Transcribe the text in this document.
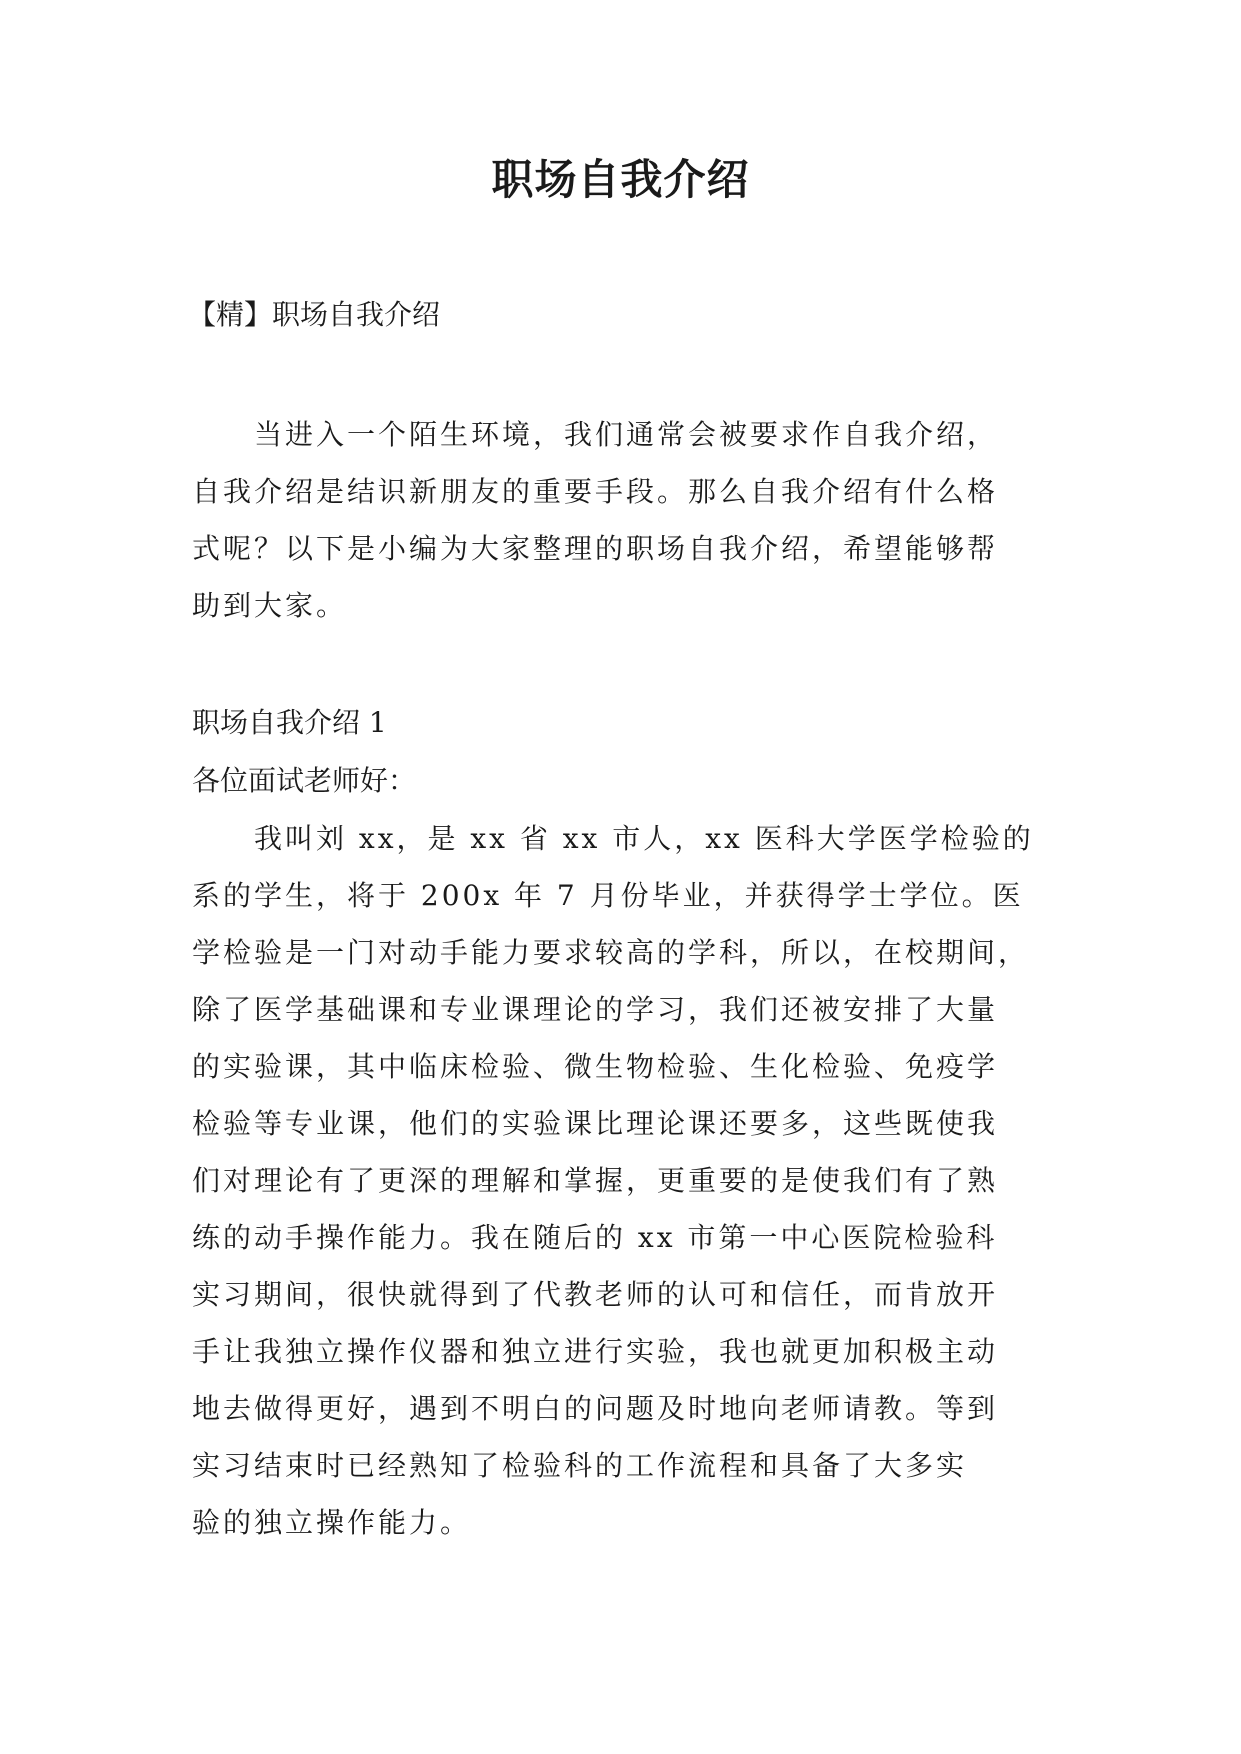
职场自我介绍
【精】职场自我介绍
　　当进入一个陌生环境，我们通常会被要求作自我介绍，
自我介绍是结识新朋友的重要手段。那么自我介绍有什么格
式呢？以下是小编为大家整理的职场自我介绍，希望能够帮
助到大家。
职场自我介绍 1
各位面试老师好：
　　我叫刘 xx，是 xx 省 xx 市人，xx 医科大学医学检验的
系的学生，将于 200x 年 7 月份毕业，并获得学士学位。医
学检验是一门对动手能力要求较高的学科，所以，在校期间，
除了医学基础课和专业课理论的学习，我们还被安排了大量
的实验课，其中临床检验、微生物检验、生化检验、免疫学
检验等专业课，他们的实验课比理论课还要多，这些既使我
们对理论有了更深的理解和掌握，更重要的是使我们有了熟
练的动手操作能力。我在随后的 xx 市第一中心医院检验科
实习期间，很快就得到了代教老师的认可和信任，而肯放开
手让我独立操作仪器和独立进行实验，我也就更加积极主动
地去做得更好，遇到不明白的问题及时地向老师请教。等到
实习结束时已经熟知了检验科的工作流程和具备了大多实
验的独立操作能力。
